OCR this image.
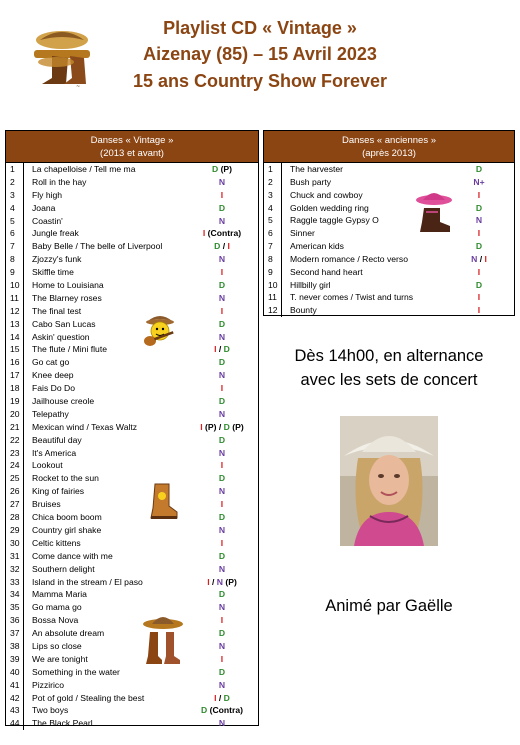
Playlist CD « Vintage »
Aizenay (85) – 15 Avril 2023
15 ans Country Show Forever
~
Danses « Vintage »
(2013 et avant)
1	La chapelloise / Tell me ma	D (P)
2	Roll in the hay	N
3	Fly high	I
4	Joana	D
5	Coastin'	N
6	Jungle freak	I (Contra)
7	Baby Belle / The belle of Liverpool	D / I
8	Zjozzy's funk	N
9	Skiffle time	I
10	Home to Louisiana	D
11	The Blarney roses	N
12	The final test	I
13	Cabo San Lucas	D
14	Askin' question	N
15	The flute / Mini flute	I / D
16	Go cat go	D
17	Knee deep	N
18	Fais Do Do	I
19	Jailhouse creole	D
20	Telepathy	N
21	Mexican wind / Texas Waltz	I (P) / D (P)
22	Beautiful day	D
23	It's America	N
24	Lookout	I
25	Rocket to the sun	D
26	King of fairies	N
27	Bruises	I
28	Chica boom boom	D
29	Country girl shake	N
30	Celtic kittens	I
31	Come dance with me	D
32	Southern delight	N
33	Island in the stream / El paso	I / N (P)
34	Mamma Maria	D
35	Go mama go	N
36	Bossa Nova	I
37	An absolute dream	D
38	Lips so close	N
39	We are tonight	I
40	Something in the water	D
41	Pizzirico	N
42	Pot of gold / Stealing the best	I / D
43	Two boys	D (Contra)
44	The Black Pearl	N
Danses « anciennes »
(après 2013)
1	The harvester	D
2	Bush party	N+
3	Chuck and cowboy	I
4	Golden wedding ring	D
5	Raggle taggle Gypsy O	N
6	Sinner	I
7	American kids	D
8	Modern romance / Recto verso	N / I
9	Second hand heart	I
10	Hillbilly girl	D
11	T. never comes / Twist and turns	I
12	Bounty	I
Dès 14h00, en alternance
avec les sets de concert
Animé par Gaëlle
